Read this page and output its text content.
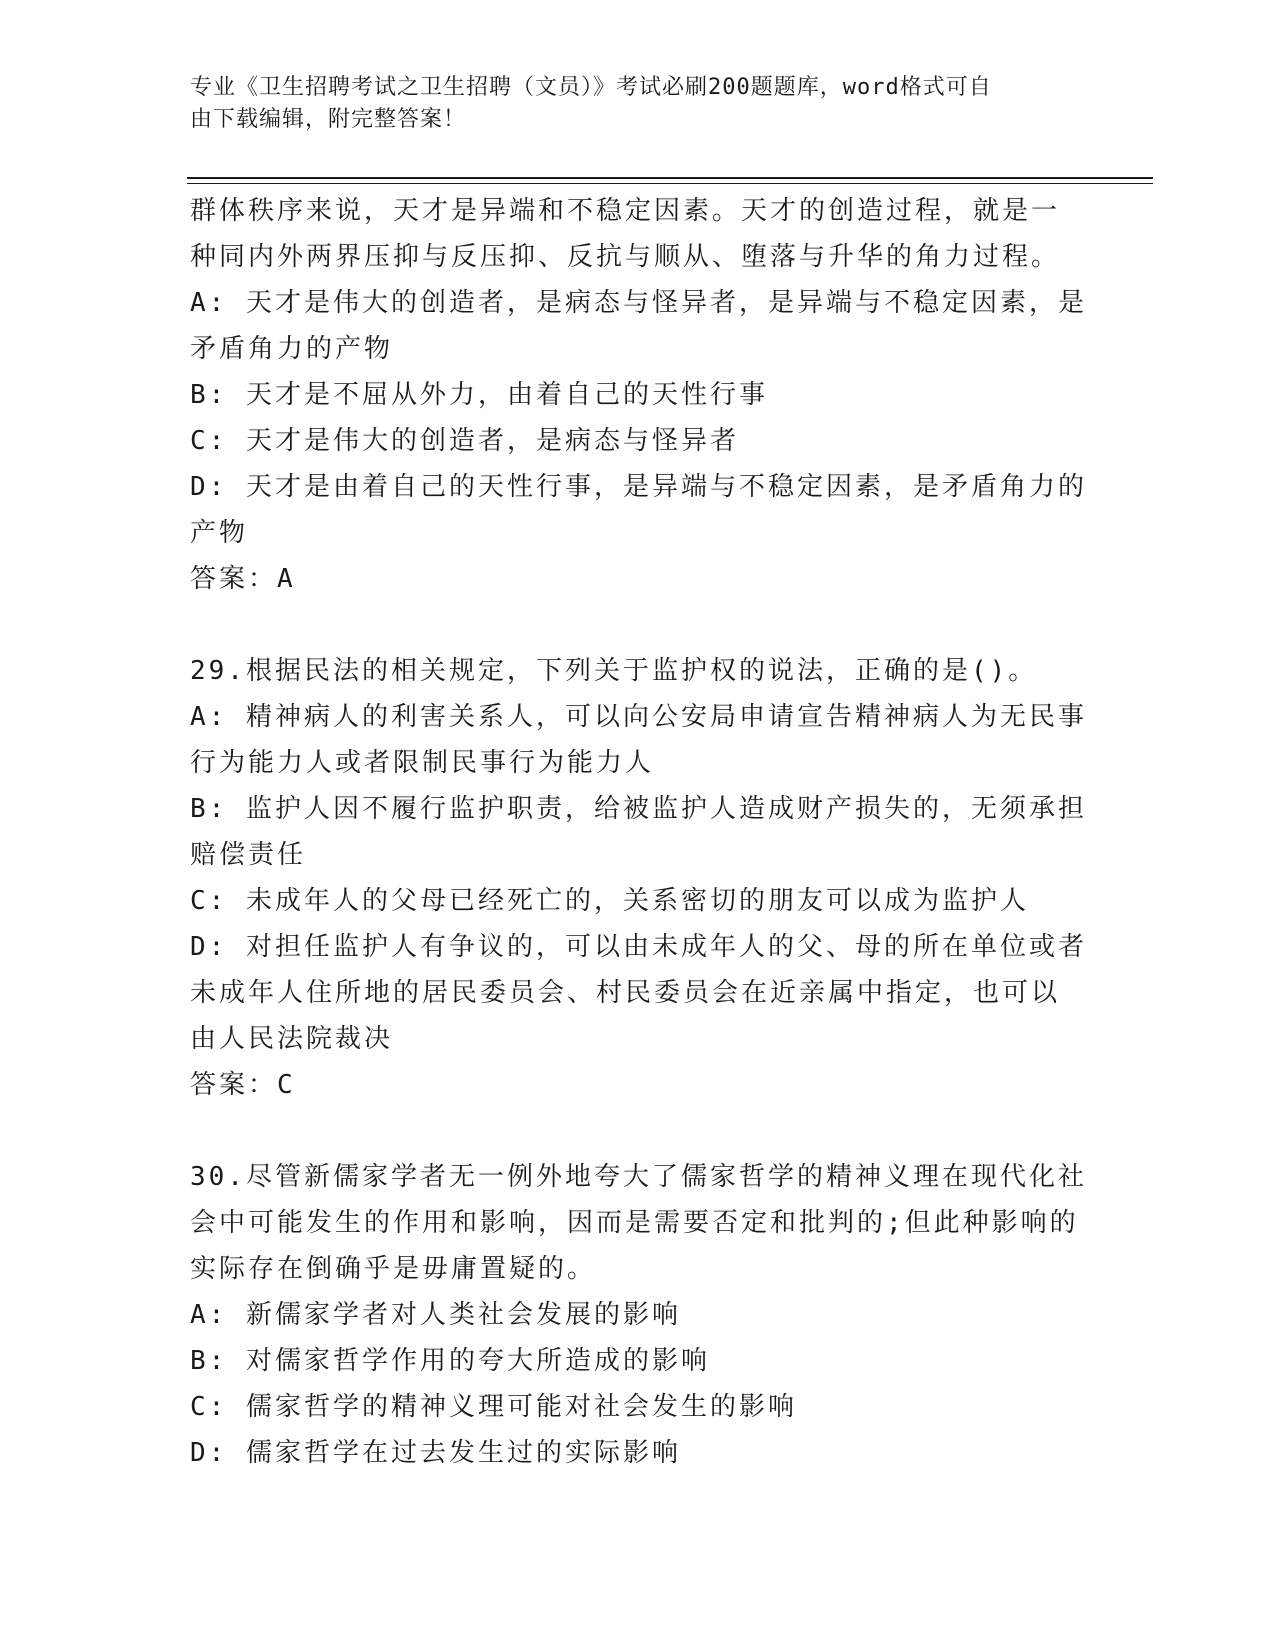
专业《卫生招聘考试之卫生招聘（文员）》考试必刷200题题库，word格式可自

由下载编辑，附完整答案！

群体秩序来说，天才是异端和不稳定因素。天才的创造过程，就是一

种同内外两界压抑与反压抑、反抗与顺从、堕落与升华的角力过程。

A: 天才是伟大的创造者，是病态与怪异者，是异端与不稳定因素，是

矛盾角力的产物

B: 天才是不屈从外力，由着自己的天性行事

C: 天才是伟大的创造者，是病态与怪异者

D: 天才是由着自己的天性行事，是异端与不稳定因素，是矛盾角力的

产物

答案：A

29.根据民法的相关规定，下列关于监护权的说法，正确的是()。

A: 精神病人的利害关系人，可以向公安局申请宣告精神病人为无民事

行为能力人或者限制民事行为能力人

B: 监护人因不履行监护职责，给被监护人造成财产损失的，无须承担

赔偿责任

C: 未成年人的父母已经死亡的，关系密切的朋友可以成为监护人

D: 对担任监护人有争议的，可以由未成年人的父、母的所在单位或者

未成年人住所地的居民委员会、村民委员会在近亲属中指定，也可以

由人民法院裁决

答案：C

30.尽管新儒家学者无一例外地夸大了儒家哲学的精神义理在现代化社

会中可能发生的作用和影响，因而是需要否定和批判的;但此种影响的

实际存在倒确乎是毋庸置疑的。

A: 新儒家学者对人类社会发展的影响

B: 对儒家哲学作用的夸大所造成的影响

C: 儒家哲学的精神义理可能对社会发生的影响

D: 儒家哲学在过去发生过的实际影响
